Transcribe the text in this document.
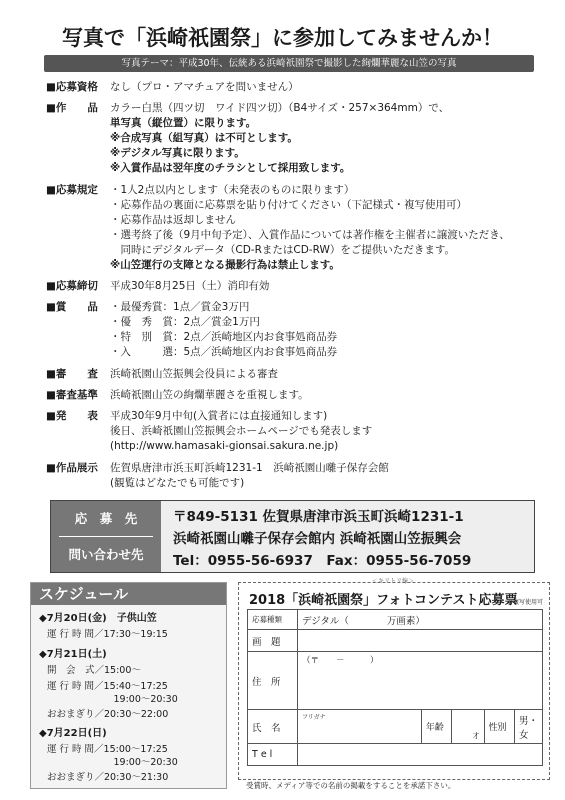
写真で「浜崎祇園祭」に参加してみませんか！
写真テーマ：平成30年、伝統ある浜崎祇園祭で撮影した絢爛華麗な山笠の写真
■応募資格	なし（プロ・アマチュアを問いません）
■作　　品	カラー白黒（四ツ切　ワイド四ツ切）（B4サイズ・257×364mm）で、
単写真（縦位置）に限ります。
※合成写真（組写真）は不可とします。
※デジタル写真に限ります。
※入賞作品は翌年度のチラシとして採用致します。
■応募規定	・1人2点以内とします（未発表のものに限ります）
・応募作品の裏面に応募票を貼り付けてください（下記様式・複写使用可）
・応募作品は返却しません
・選考終了後（9月中旬予定）、入賞作品については著作権を主催者に譲渡いただき、
　同時にデジタルデータ（CD-RまたはCD-RW）をご提供いただきます。
※山笠運行の支障となる撮影行為は禁止します。
■応募締切	平成30年8月25日（土）消印有効
■賞　　品	・最優秀賞：1点／賞金3万円
・優　秀　賞：2点／賞金1万円
・特　別　賞：2点／浜崎地区内お食事処商品券
・入　　　選：5点／浜崎地区内お食事処商品券
■審　　査	浜崎祇園山笠振興会役員による審査
■審査基準	浜崎祇園山笠の絢爛華麗さを重視します。
■発　　表	平成30年9月中旬(入賞者には直接通知します)
後日、浜崎祇園山笠振興会ホームページでも発表します
(http://www.hamasaki-gionsai.sakura.ne.jp)
■作品展示	佐賀県唐津市浜玉町浜崎1231-1　浜崎祇園山囃子保存会館
(観覧はどなたでも可能です)
応　募　先
問い合わせ先
〒849-5131 佐賀県唐津市浜玉町浜崎1231-1
浜崎祇園山囃子保存会館内 浜崎祇園山笠振興会
Tel：0955-56-6937　Fax：0955-56-7059
スケジュール
◆7月20日(金)　子供山笠
運 行 時 間／17:30～19:15
◆7月21日(土)
開　会　式／15:00～
運 行 時 間／15:40～17:25
　　　　　　　19:00～20:30
おおまぎり／20:30～22:00
◆7月22日(日)
運 行 時 間／15:00～17:25
　　　　　　　19:00～20:30
おおまぎり／20:30～21:30
＜キリトリ線＞
2018「浜崎祇園祭」フォトコンテスト応募票
※複写使用可
応募種類	デジタル（　　　　万画素）				
画　題					
住　所	（〒　　－　　　）				
氏　名	フリガナ	年齢	才	性別	男・女
T e l					
受賞時、メディア等での名前の掲載をすることを承諾下さい。
